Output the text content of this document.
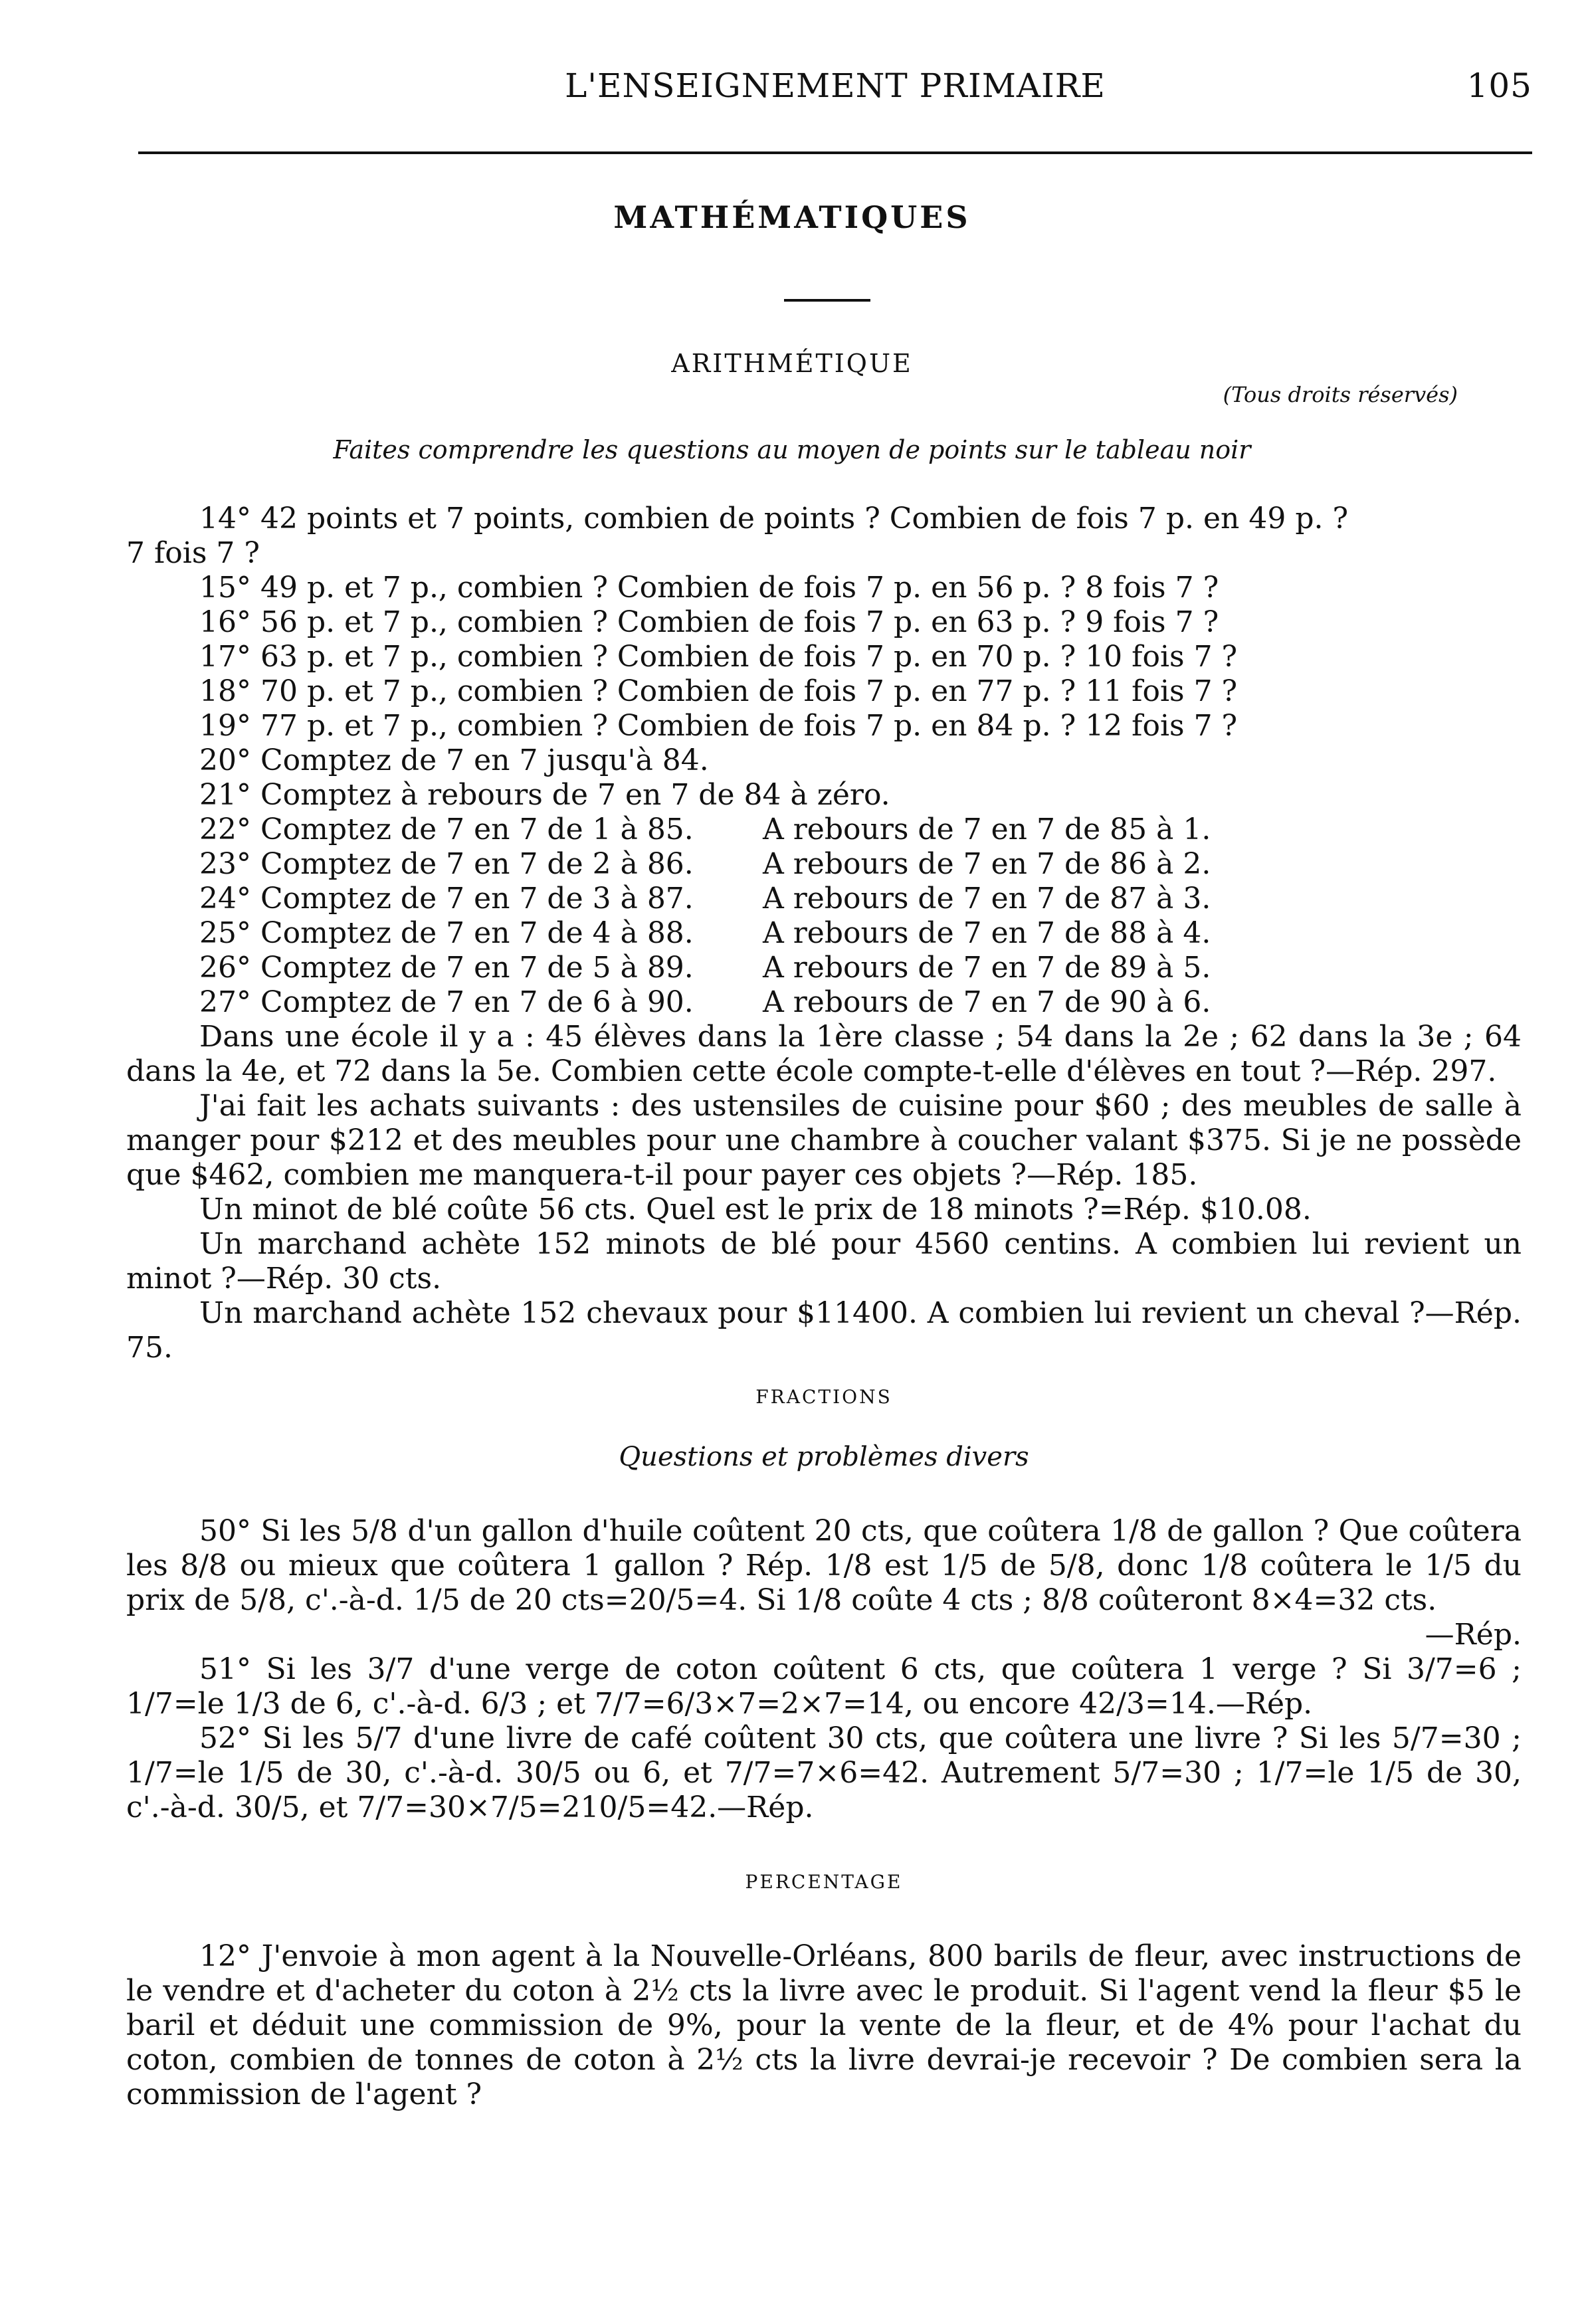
L'ENSEIGNEMENT PRIMAIRE	105
MATHÉMATIQUES
ARITHMÉTIQUE
(Tous droits réservés)
Faites comprendre les questions au moyen de points sur le tableau noir

14° 42 points et 7 points, combien de points ? Combien de fois 7 p. en 49 p. ?

7 fois 7 ?

15° 49 p. et 7 p., combien ? Combien de fois 7 p. en 56 p. ? 8 fois 7 ?

16° 56 p. et 7 p., combien ? Combien de fois 7 p. en 63 p. ? 9 fois 7 ?

17° 63 p. et 7 p., combien ? Combien de fois 7 p. en 70 p. ? 10 fois 7 ?

18° 70 p. et 7 p., combien ? Combien de fois 7 p. en 77 p. ? 11 fois 7 ?

19° 77 p. et 7 p., combien ? Combien de fois 7 p. en 84 p. ? 12 fois 7 ?

20° Comptez de 7 en 7 jusqu'à 84.

21° Comptez à rebours de 7 en 7 de 84 à zéro.

22° Comptez de 7 en 7 de 1 à 85. A rebours de 7 en 7 de 85 à 1.

23° Comptez de 7 en 7 de 2 à 86. A rebours de 7 en 7 de 86 à 2.

24° Comptez de 7 en 7 de 3 à 87. A rebours de 7 en 7 de 87 à 3.

25° Comptez de 7 en 7 de 4 à 88. A rebours de 7 en 7 de 88 à 4.

26° Comptez de 7 en 7 de 5 à 89. A rebours de 7 en 7 de 89 à 5.

27° Comptez de 7 en 7 de 6 à 90. A rebours de 7 en 7 de 90 à 6.

Dans une école il y a : 45 élèves dans la 1ère classe ; 54 dans la 2e ; 62 dans la 3e ; 64 dans la 4e, et 72 dans la 5e. Combien cette école compte-t-elle d'élèves en tout ?—Rép. 297.

J'ai fait les achats suivants : des ustensiles de cuisine pour $60 ; des meubles de salle à manger pour $212 et des meubles pour une chambre à coucher valant $375. Si je ne possède que $462, combien me manquera-t-il pour payer ces objets ?—Rép. 185.

Un minot de blé coûte 56 cts. Quel est le prix de 18 minots ?=Rép. $10.08.

Un marchand achète 152 minots de blé pour 4560 centins. A combien lui revient un minot ?—Rép. 30 cts.

Un marchand achète 152 chevaux pour $11400. A combien lui revient un cheval ?—Rép. 75.

FRACTIONS

Questions et problèmes divers

50° Si les 5/8 d'un gallon d'huile coûtent 20 cts, que coûtera 1/8 de gallon ? Que coûtera les 8/8 ou mieux que coûtera 1 gallon ? Rép. 1/8 est 1/5 de 5/8, donc 1/8 coûtera le 1/5 du prix de 5/8, c'.-à-d. 1/5 de 20 cts=20/5=4. Si 1/8 coûte 4 cts ; 8/8 coûteront 8×4=32 cts.

—Rép.

51° Si les 3/7 d'une verge de coton coûtent 6 cts, que coûtera 1 verge ? Si 3/7=6 ; 1/7=le 1/3 de 6, c'.-à-d. 6/3 ; et 7/7=6/3×7=2×7=14, ou encore 42/3=14.—Rép.

52° Si les 5/7 d'une livre de café coûtent 30 cts, que coûtera une livre ? Si les 5/7=30 ; 1/7=le 1/5 de 30, c'.-à-d. 30/5 ou 6, et 7/7=7×6=42. Autrement 5/7=30 ; 1/7=le 1/5 de 30, c'.-à-d. 30/5, et 7/7=30×7/5=210/5=42.—Rép.

PERCENTAGE

12° J'envoie à mon agent à la Nouvelle-Orléans, 800 barils de fleur, avec instructions de le vendre et d'acheter du coton à 2½ cts la livre avec le produit. Si l'agent vend la fleur $5 le baril et déduit une commission de 9%, pour la vente de la fleur, et de 4% pour l'achat du coton, combien de tonnes de coton à 2½ cts la livre devrai-je recevoir ? De combien sera la commission de l'agent ?
